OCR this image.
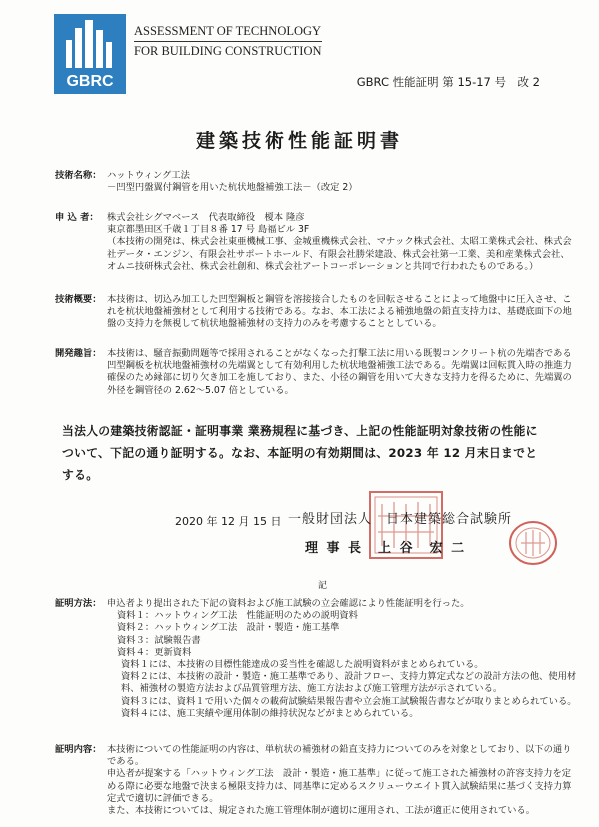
GBRC
ASSESSMENT OF TECHNOLOGY
FOR BUILDING CONSTRUCTION
GBRC 性能証明 第 15-17 号　改 2
建築技術性能証明書
技術名称： ハットウィング工法
－凹型円盤翼付鋼管を用いた杭状地盤補強工法－（改定 2）
申 込 者： 株式会社シグマベース　代表取締役　榎本 隆彦
東京都墨田区千歳１丁目８番 17 号 島福ビル 3F
（本技術の開発は、株式会社東亜機械工事、金城重機株式会社、マナック株式会社、太昭工業株式会社、株式会社データ・エンジン、有限会社サポートホールド、有限会社勝栄建設、株式会社第一工業、美和産業株式会社、オムニ技研株式会社、株式会社創和、株式会社アートコーポレーションと共同で行われたものである。）
技術概要： 本技術は、切込み加工した凹型鋼板と鋼管を溶接接合したものを回転させることによって地盤中に圧入させ、これを杭状地盤補強材として利用する技術である。なお、本工法による補強地盤の鉛直支持力は、基礎底面下の地盤の支持力を無視して杭状地盤補強材の支持力のみを考慮することとしている。
開発趣旨： 本技術は、騒音振動問題等で採用されることがなくなった打撃工法に用いる既製コンクリート杭の先端杏である凹型鋼板を杭状地盤補強材の先端翼として有効利用した杭状地盤補強工法である。先端翼は回転貫入時の推進力確保のため縁部に切り欠き加工を施しており、また、小径の鋼管を用いて大きな支持力を得るために、先端翼の外径を鋼管径の 2.62～5.07 倍としている。
当法人の建築技術認証・証明事業 業務規程に基づき、上記の性能証明対象技術の性能について、下記の通り証明する。なお、本証明の有効期間は、2023 年 12 月末日までとする。
2020 年 12 月 15 日 一般財団法人　日本建築総合試験所
理 事 長　上 谷　宏 二
記
証明方法： 申込者より提出された下記の資料および施工試験の立会確認により性能証明を行った。
資料１：ハットウィング工法　性能証明のための説明資料
資料２：ハットウィング工法　設計・製造・施工基準
資料３：試験報告書
資料４：更新資料
資料１には、本技術の目標性能達成の妥当性を確認した説明資料がまとめられている。
資料２には、本技術の設計・製造・施工基準であり、設計フロー、支持力算定式などの設計方法の他、使用材料、補強材の製造方法および品質管理方法、施工方法および施工管理方法が示されている。
資料３には、資料１で用いた個々の載荷試験結果報告書や立会施工試験報告書などが取りまとめられている。
資料４には、施工実績や運用体制の維持状況などがまとめられている。
証明内容： 本技術についての性能証明の内容は、単杭状の補強材の鉛直支持力についてのみを対象としており、以下の通りである。
申込者が提案する「ハットウィング工法　設計・製造・施工基準」に従って施工された補強材の許容支持力を定める際に必要な地盤で決まる極限支持力は、同基準に定めるスクリューウエイト貫入試験結果に基づく支持力算定式で適切に評価できる。
また、本技術については、規定された施工管理体制が適切に運用され、工法が適正に使用されている。
